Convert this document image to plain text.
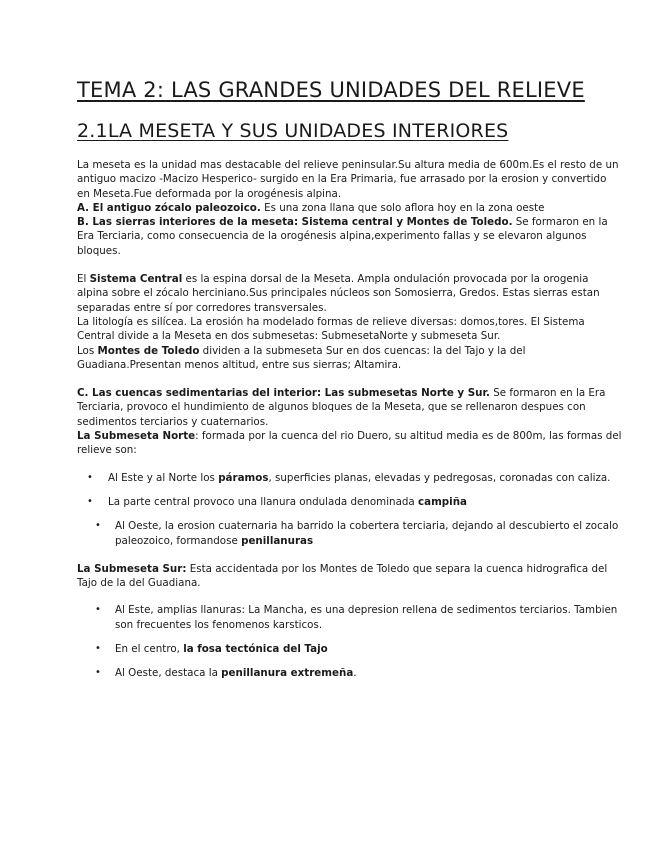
TEMA 2: LAS GRANDES UNIDADES DEL RELIEVE
2.1LA MESETA Y SUS UNIDADES INTERIORES

La meseta es la unidad mas destacable del relieve peninsular.Su altura media de 600m.Es el resto de un antiguo macizo -Macizo Hesperico- surgido en la Era Primaria, fue arrasado por la erosion y convertido en Meseta.Fue deformada por la orogénesis alpina.

A. El antiguo zócalo paleozoico. Es una zona llana que solo aflora hoy en la zona oeste

B. Las sierras interiores de la meseta: Sistema central y Montes de Toledo. Se formaron en la Era Terciaria, como consecuencia de la orogénesis alpina,experimento fallas y se elevaron algunos bloques.

El Sistema Central es la espina dorsal de la Meseta. Ampla ondulación provocada por la orogenia alpina sobre el zócalo herciniano.Sus principales núcleos son Somosierra, Gredos. Estas sierras estan separadas entre sí por corredores transversales.

La litología es silícea. La erosión ha modelado formas de relieve diversas: domos,tores. El Sistema Central divide a la Meseta en dos submesetas: SubmesetaNorte y submeseta Sur.

Los Montes de Toledo dividen a la submeseta Sur en dos cuencas: la del Tajo y la del Guadiana.Presentan menos altitud, entre sus sierras; Altamira.

C. Las cuencas sedimentarias del interior: Las submesetas Norte y Sur. Se formaron en la Era Terciaria, provoco el hundimiento de algunos bloques de la Meseta, que se rellenaron despues con sedimentos terciarios y cuaternarios.

La Submeseta Norte: formada por la cuenca del rio Duero, su altitud media es de 800m, las formas del relieve son:

• Al Este y al Norte los páramos, superficies planas, elevadas y pedregosas, coronadas con caliza.
• La parte central provoco una llanura ondulada denominada campiña
• Al Oeste, la erosion cuaternaria ha barrido la cobertera terciaria, dejando al descubierto el zocalo paleozoico, formandose penillanuras

La Submeseta Sur: Esta accidentada por los Montes de Toledo que separa la cuenca hidrografica del Tajo de la del Guadiana.

• Al Este, amplias llanuras: La Mancha, es una depresion rellena de sedimentos terciarios. Tambien son frecuentes los fenomenos karsticos.
• En el centro, la fosa tectónica del Tajo
• Al Oeste, destaca la penillanura extremeña.
